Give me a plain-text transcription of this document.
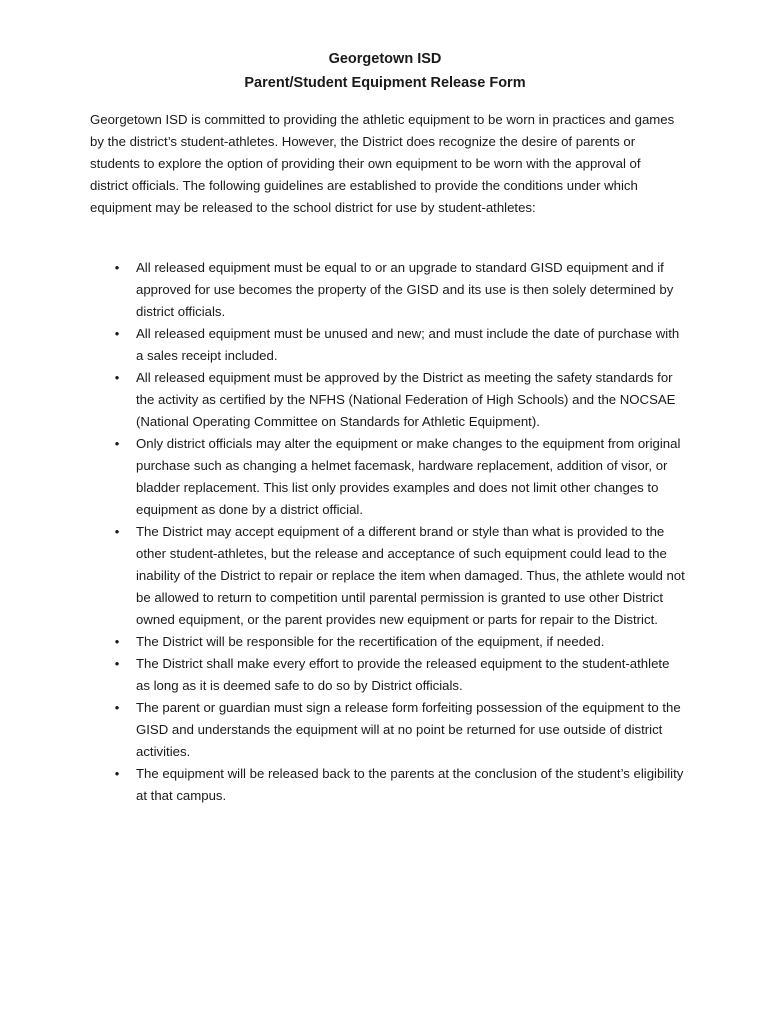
Georgetown ISD
Parent/Student Equipment Release Form

Georgetown ISD is committed to providing the athletic equipment to be worn in practices and games by the district’s student-athletes. However, the District does recognize the desire of parents or students to explore the option of providing their own equipment to be worn with the approval of district officials. The following guidelines are established to provide the conditions under which equipment may be released to the school district for use by student-athletes:

• All released equipment must be equal to or an upgrade to standard GISD equipment and if approved for use becomes the property of the GISD and its use is then solely determined by district officials.
• All released equipment must be unused and new; and must include the date of purchase with a sales receipt included.
• All released equipment must be approved by the District as meeting the safety standards for the activity as certified by the NFHS (National Federation of High Schools) and the NOCSAE (National Operating Committee on Standards for Athletic Equipment).
• Only district officials may alter the equipment or make changes to the equipment from original purchase such as changing a helmet facemask, hardware replacement, addition of visor, or bladder replacement. This list only provides examples and does not limit other changes to equipment as done by a district official.
• The District may accept equipment of a different brand or style than what is provided to the other student-athletes, but the release and acceptance of such equipment could lead to the inability of the District to repair or replace the item when damaged. Thus, the athlete would not be allowed to return to competition until parental permission is granted to use other District owned equipment, or the parent provides new equipment or parts for repair to the District.
• The District will be responsible for the recertification of the equipment, if needed.
• The District shall make every effort to provide the released equipment to the student-athlete as long as it is deemed safe to do so by District officials.
• The parent or guardian must sign a release form forfeiting possession of the equipment to the GISD and understands the equipment will at no point be returned for use outside of district activities.
• The equipment will be released back to the parents at the conclusion of the student’s eligibility at that campus.
